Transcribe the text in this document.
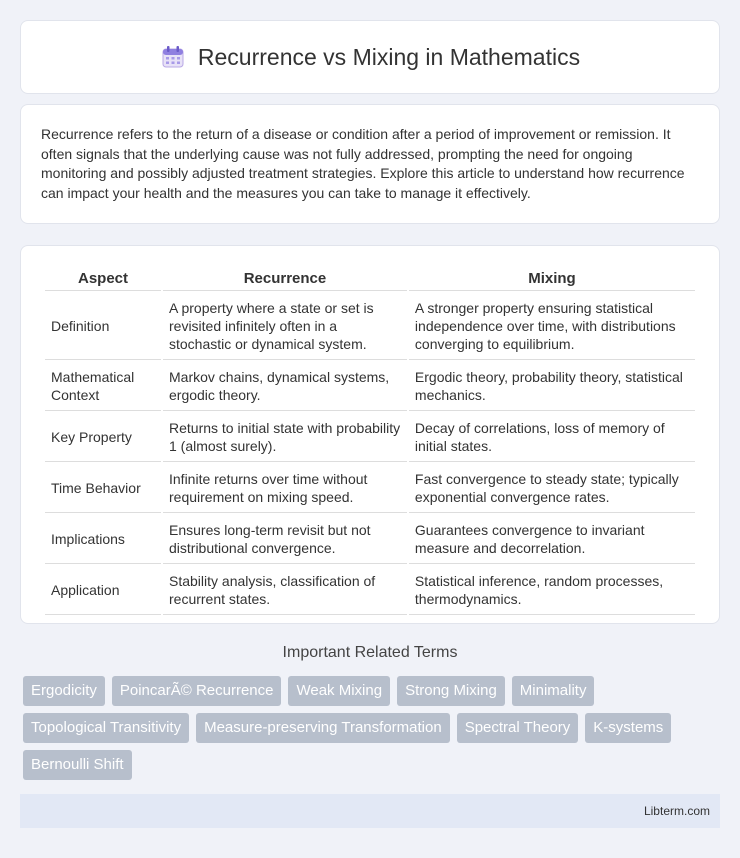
Recurrence vs Mixing in Mathematics

Recurrence refers to the return of a disease or condition after a period of improvement or remission. It often signals that the underlying cause was not fully addressed, prompting the need for ongoing monitoring and possibly adjusted treatment strategies. Explore this article to understand how recurrence can impact your health and the measures you can take to manage it effectively.

Aspect	Recurrence	Mixing
Definition	A property where a state or set is revisited infinitely often in a stochastic or dynamical system.	A stronger property ensuring statistical independence over time, with distributions converging to equilibrium.
Mathematical Context	Markov chains, dynamical systems, ergodic theory.	Ergodic theory, probability theory, statistical mechanics.
Key Property	Returns to initial state with probability 1 (almost surely).	Decay of correlations, loss of memory of initial states.
Time Behavior	Infinite returns over time without requirement on mixing speed.	Fast convergence to steady state; typically exponential convergence rates.
Implications	Ensures long-term revisit but not distributional convergence.	Guarantees convergence to invariant measure and decorrelation.
Application	Stability analysis, classification of recurrent states.	Statistical inference, random processes, thermodynamics.
Important Related Terms
Ergodicity	PoincarÃ© Recurrence	Weak Mixing	Strong Mixing	Minimality
Topological Transitivity	Measure-preserving Transformation	Spectral Theory	K-systems
Bernoulli Shift
Libterm.com
